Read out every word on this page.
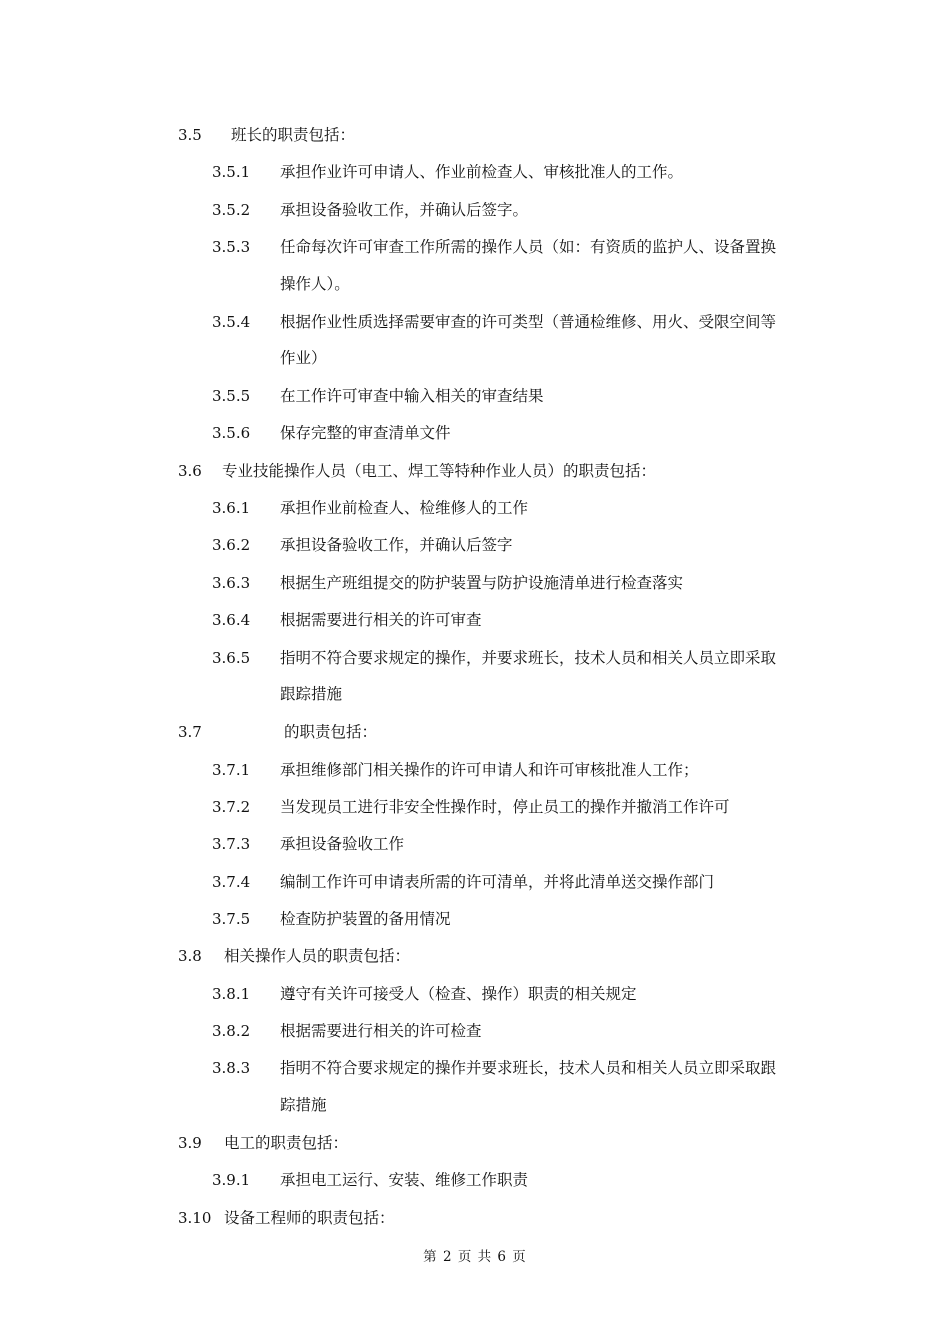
3.5 班长的职责包括：
3.5.1 承担作业许可申请人、作业前检查人、审核批准人的工作。
3.5.2 承担设备验收工作，并确认后签字。
3.5.3 任命每次许可审查工作所需的操作人员（如：有资质的监护人、设备置换
操作人）。
3.5.4 根据作业性质选择需要审查的许可类型（普通检维修、用火、受限空间等
作业）
3.5.5 在工作许可审查中输入相关的审查结果
3.5.6 保存完整的审查清单文件
3.6 专业技能操作人员（电工、焊工等特种作业人员）的职责包括：
3.6.1 承担作业前检查人、检维修人的工作
3.6.2 承担设备验收工作，并确认后签字
3.6.3 根据生产班组提交的防护装置与防护设施清单进行检查落实
3.6.4 根据需要进行相关的许可审查
3.6.5 指明不符合要求规定的操作，并要求班长，技术人员和相关人员立即采取
跟踪措施
3.7	的职责包括：
3.7.1 承担维修部门相关操作的许可申请人和许可审核批准人工作；
3.7.2 当发现员工进行非安全性操作时，停止员工的操作并撤消工作许可
3.7.3 承担设备验收工作
3.7.4 编制工作许可申请表所需的许可清单，并将此清单送交操作部门
3.7.5 检查防护装置的备用情况
3.8 相关操作人员的职责包括：
3.8.1 遵守有关许可接受人（检查、操作）职责的相关规定
3.8.2 根据需要进行相关的许可检查
3.8.3 指明不符合要求规定的操作并要求班长，技术人员和相关人员立即采取跟
踪措施
3.9 电工的职责包括：
3.9.1 承担电工运行、安装、维修工作职责
3.10 设备工程师的职责包括：
第 2 页 共 6 页
